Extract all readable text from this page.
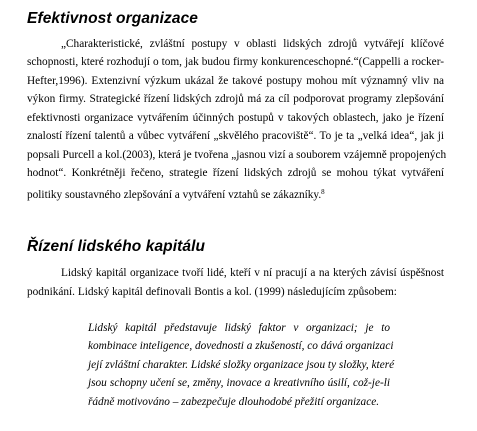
Efektivnost organizace

„Charakteristické, zvláštní postupy v oblasti lidských zdrojů vytvářejí klíčové

schopnosti, které rozhodují o tom, jak budou firmy konkurenceschopné.“(Cappelli a rocker-

Hefter,1996). Extenzivní výzkum ukázal že takové postupy mohou mít významný vliv na

výkon firmy. Strategické řízení lidských zdrojů má za cíl podporovat programy zlepšování

efektivnosti organizace vytvářením účinných postupů v takových oblastech, jako je řízení

znalostí řízení talentů a vůbec vytváření „skvělého pracoviště“. To je ta „velká idea“, jak ji

popsali Purcell a kol.(2003), která je tvořena „jasnou vizí a souborem vzájemně propojených

hodnot“. Konkrétněji řečeno, strategie řízení lidských zdrojů se mohou týkat vytváření

politiky soustavného zlepšování a vytváření vztahů se zákazníky.$^8$

Řízení lidského kapitálu

Lidský kapitál organizace tvoří lidé, kteří v ní pracují a na kterých závisí úspěšnost

podnikání. Lidský kapitál definovali Bontis a kol. (1999) následujícím způsobem:

Lidský kapitál představuje lidský faktor v organizaci; je to

kombinace inteligence, dovednosti a zkušeností, co dává organizaci

její zvláštní charakter. Lidské složky organizace jsou ty složky, které

jsou schopny učení se, změny, inovace a kreativního úsilí, což-je-li

řádně motivováno – zabezpečuje dlouhodobé přežití organizace.
